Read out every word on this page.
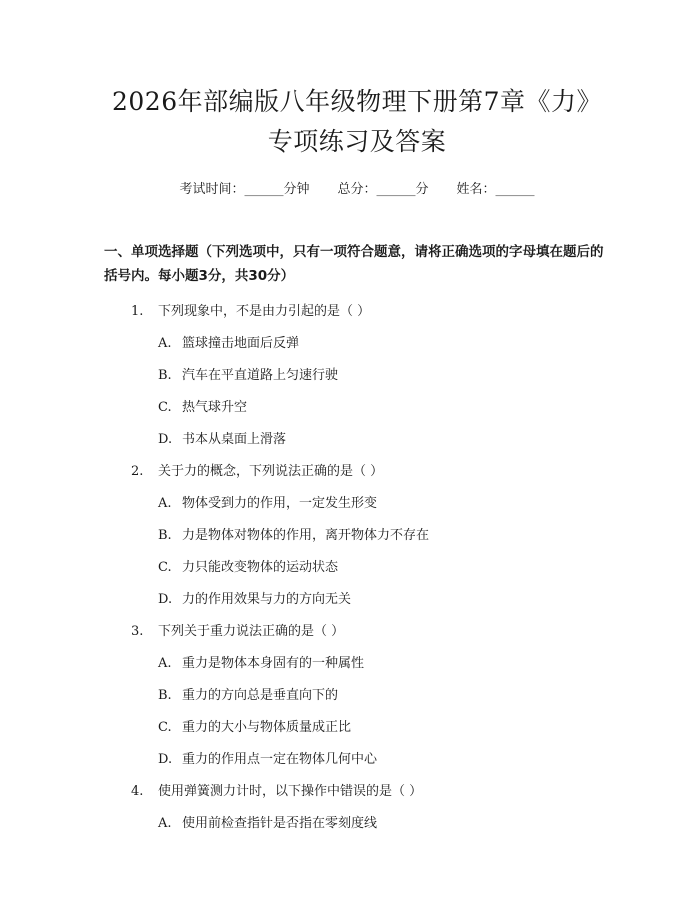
2026年部编版八年级物理下册第7章《力》
专项练习及答案
考试时间：______分钟 总分：______分 姓名：______
一、单项选择题（下列选项中，只有一项符合题意，请将正确选项的字母填在题后的括号内。每小题3分，共30分）
1.	下列现象中，不是由力引起的是（ ）
A. 篮球撞击地面后反弹
B. 汽车在平直道路上匀速行驶
C. 热气球升空
D. 书本从桌面上滑落
2.	关于力的概念，下列说法正确的是（ ）
A. 物体受到力的作用，一定发生形变
B. 力是物体对物体的作用，离开物体力不存在
C. 力只能改变物体的运动状态
D. 力的作用效果与力的方向无关
3.	下列关于重力说法正确的是（ ）
A. 重力是物体本身固有的一种属性
B. 重力的方向总是垂直向下的
C. 重力的大小与物体质量成正比
D. 重力的作用点一定在物体几何中心
4.	使用弹簧测力计时，以下操作中错误的是（ ）
A. 使用前检查指针是否指在零刻度线
